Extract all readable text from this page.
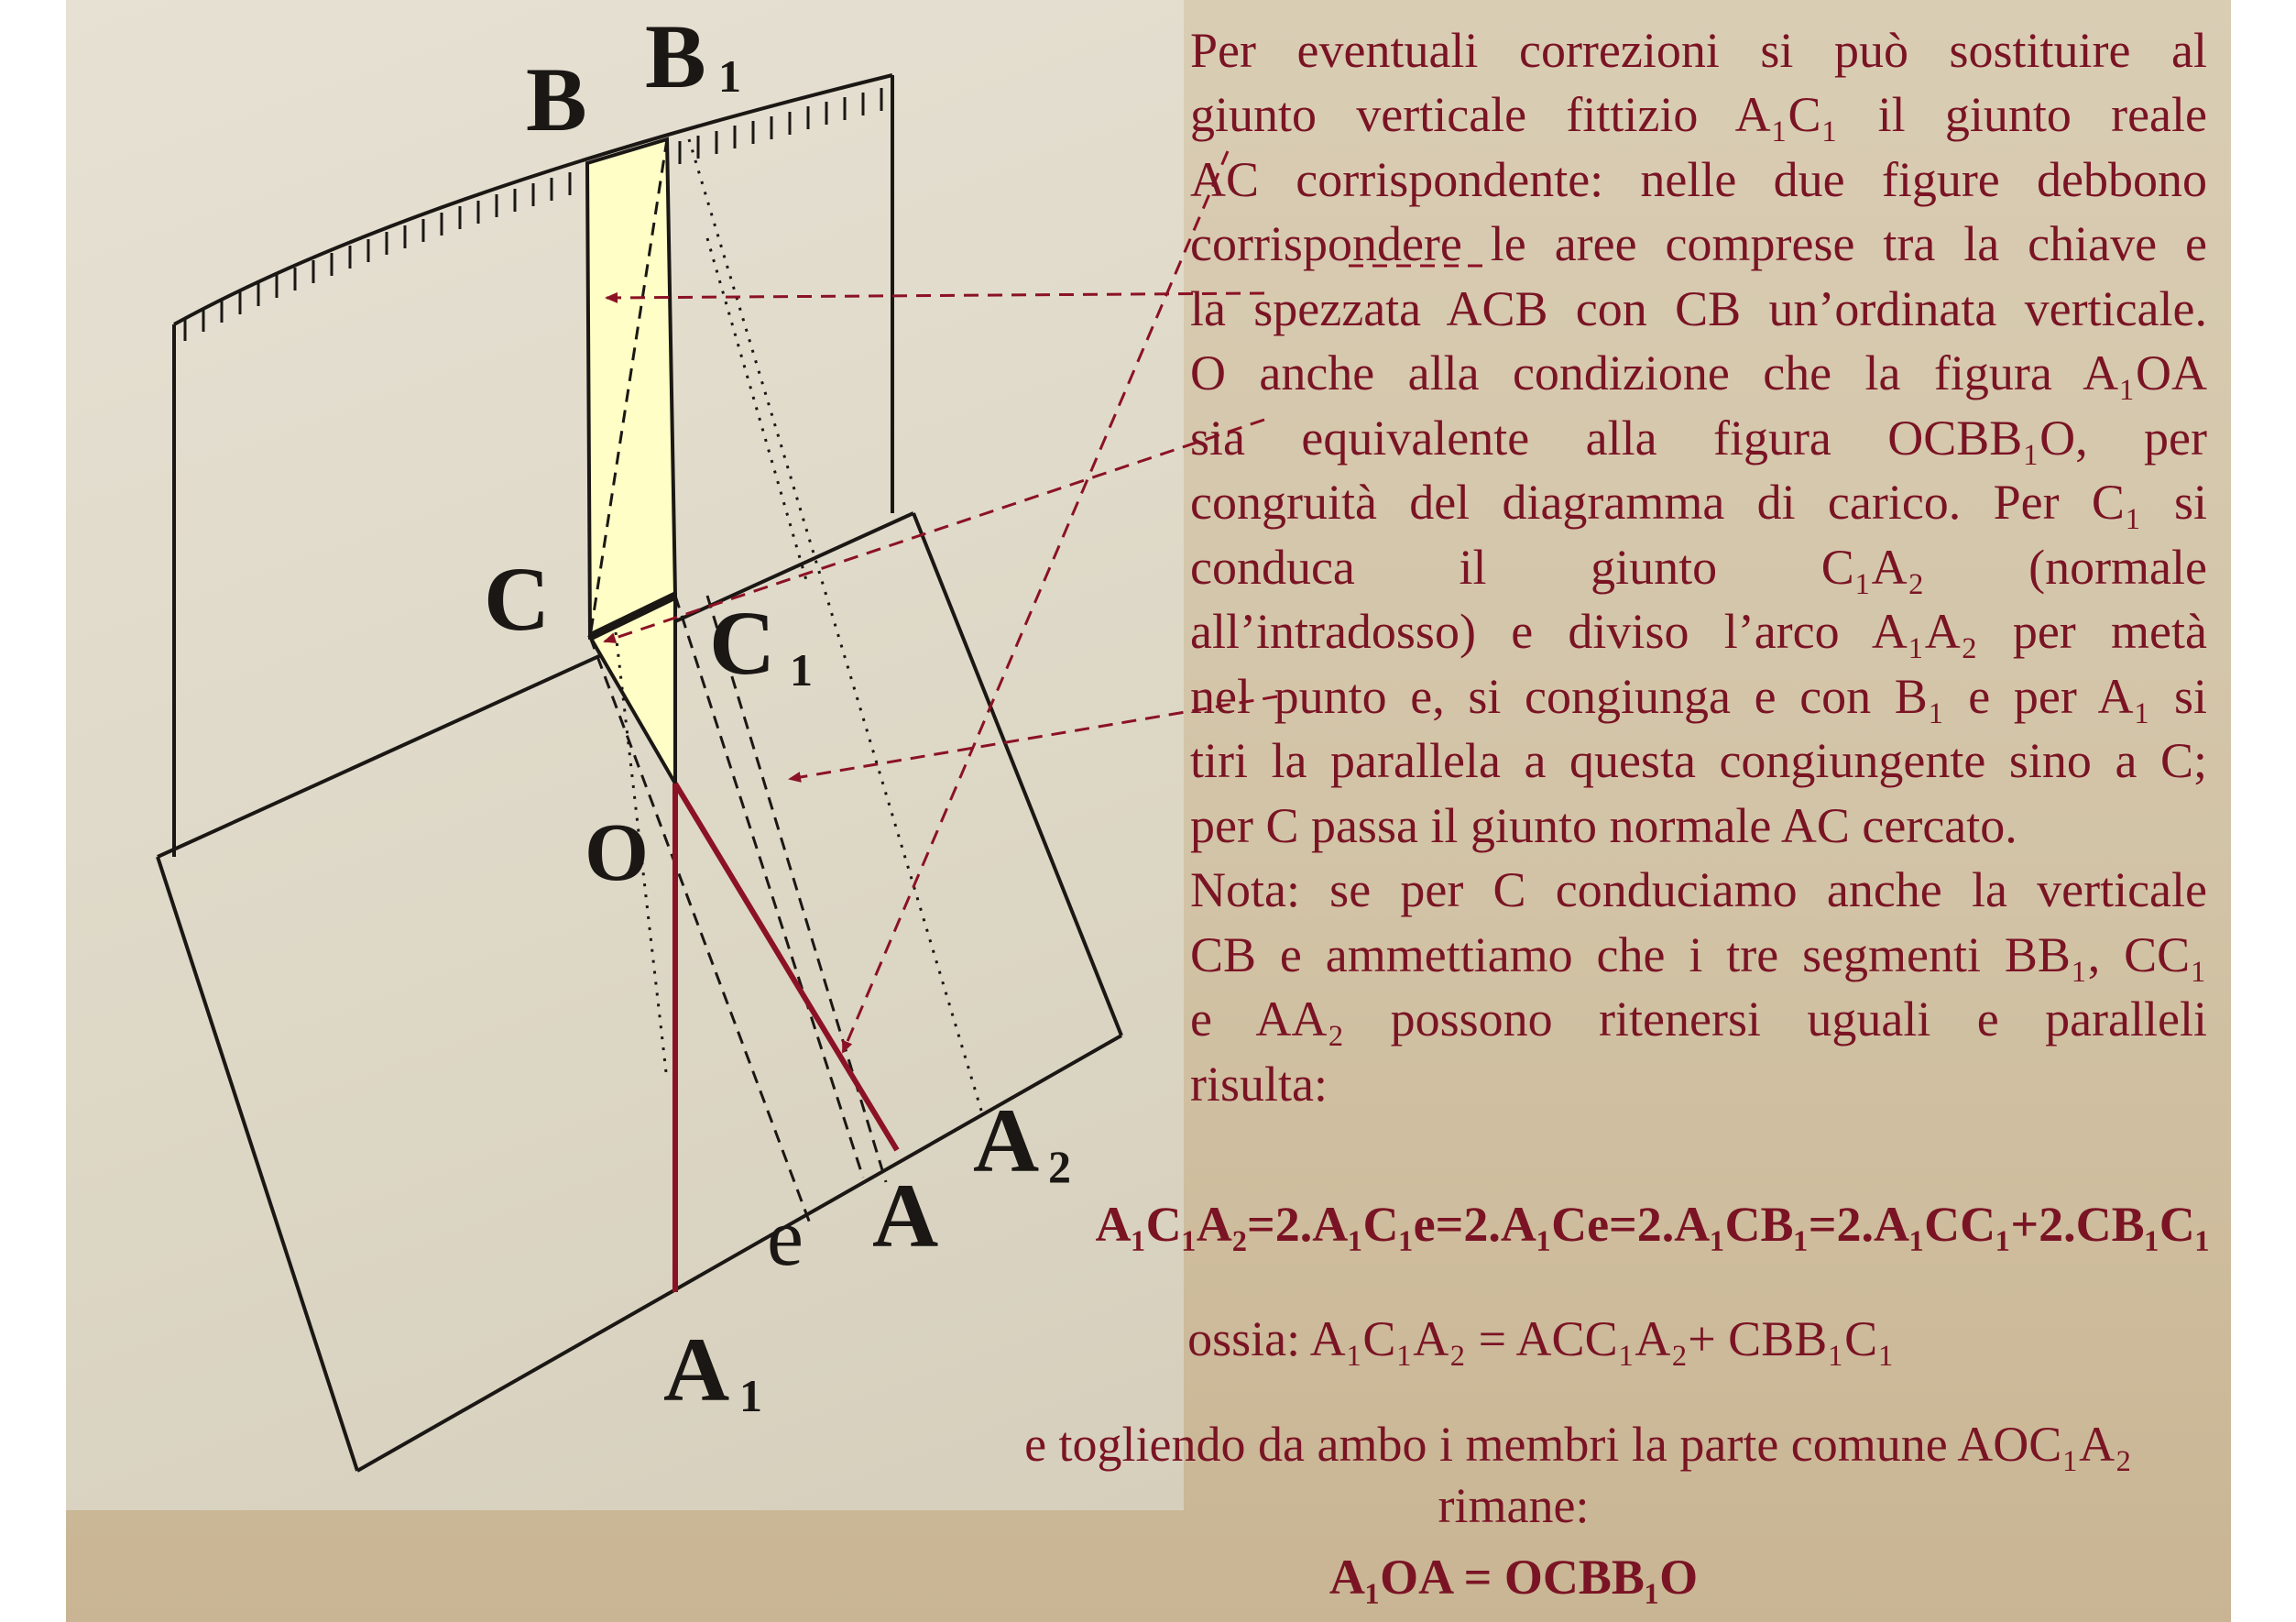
B B 1
C C 1
O
A 2
A
A 1
e
Per eventuali correzioni si può sostituire al
giunto verticale fittizio A₁C₁ il giunto reale
AC corrispondente: nelle due figure debbono
corrispondere le aree comprese tra la chiave e
la spezzata ACB con CB un’ordinata verticale.
O anche alla condizione che la figura A₁OA
sia equivalente alla figura OCBB₁O, per
congruità del diagramma di carico. Per C₁ si
conduca il giunto C₁A₂ (normale
all’intradosso) e diviso l’arco A₁A₂ per metà
nel punto e, si congiunga e con B₁ e per A₁ si
tiri la parallela a questa congiungente sino a C;
per C passa il giunto normale AC cercato.
Nota: se per C conduciamo anche la verticale
CB e ammettiamo che i tre segmenti BB₁, CC₁
e AA₂ possono ritenersi uguali e paralleli
risulta:
A₁C₁A₂=2.A₁C₁e=2.A₁Ce=2.A₁CB₁=2.A₁CC₁+2.CB₁C₁
ossia: A₁C₁A₂ = ACC₁A₂+ CBB₁C₁
e togliendo da ambo i membri la parte comune AOC₁A₂
rimane:
A₁OA = OCBB₁O
